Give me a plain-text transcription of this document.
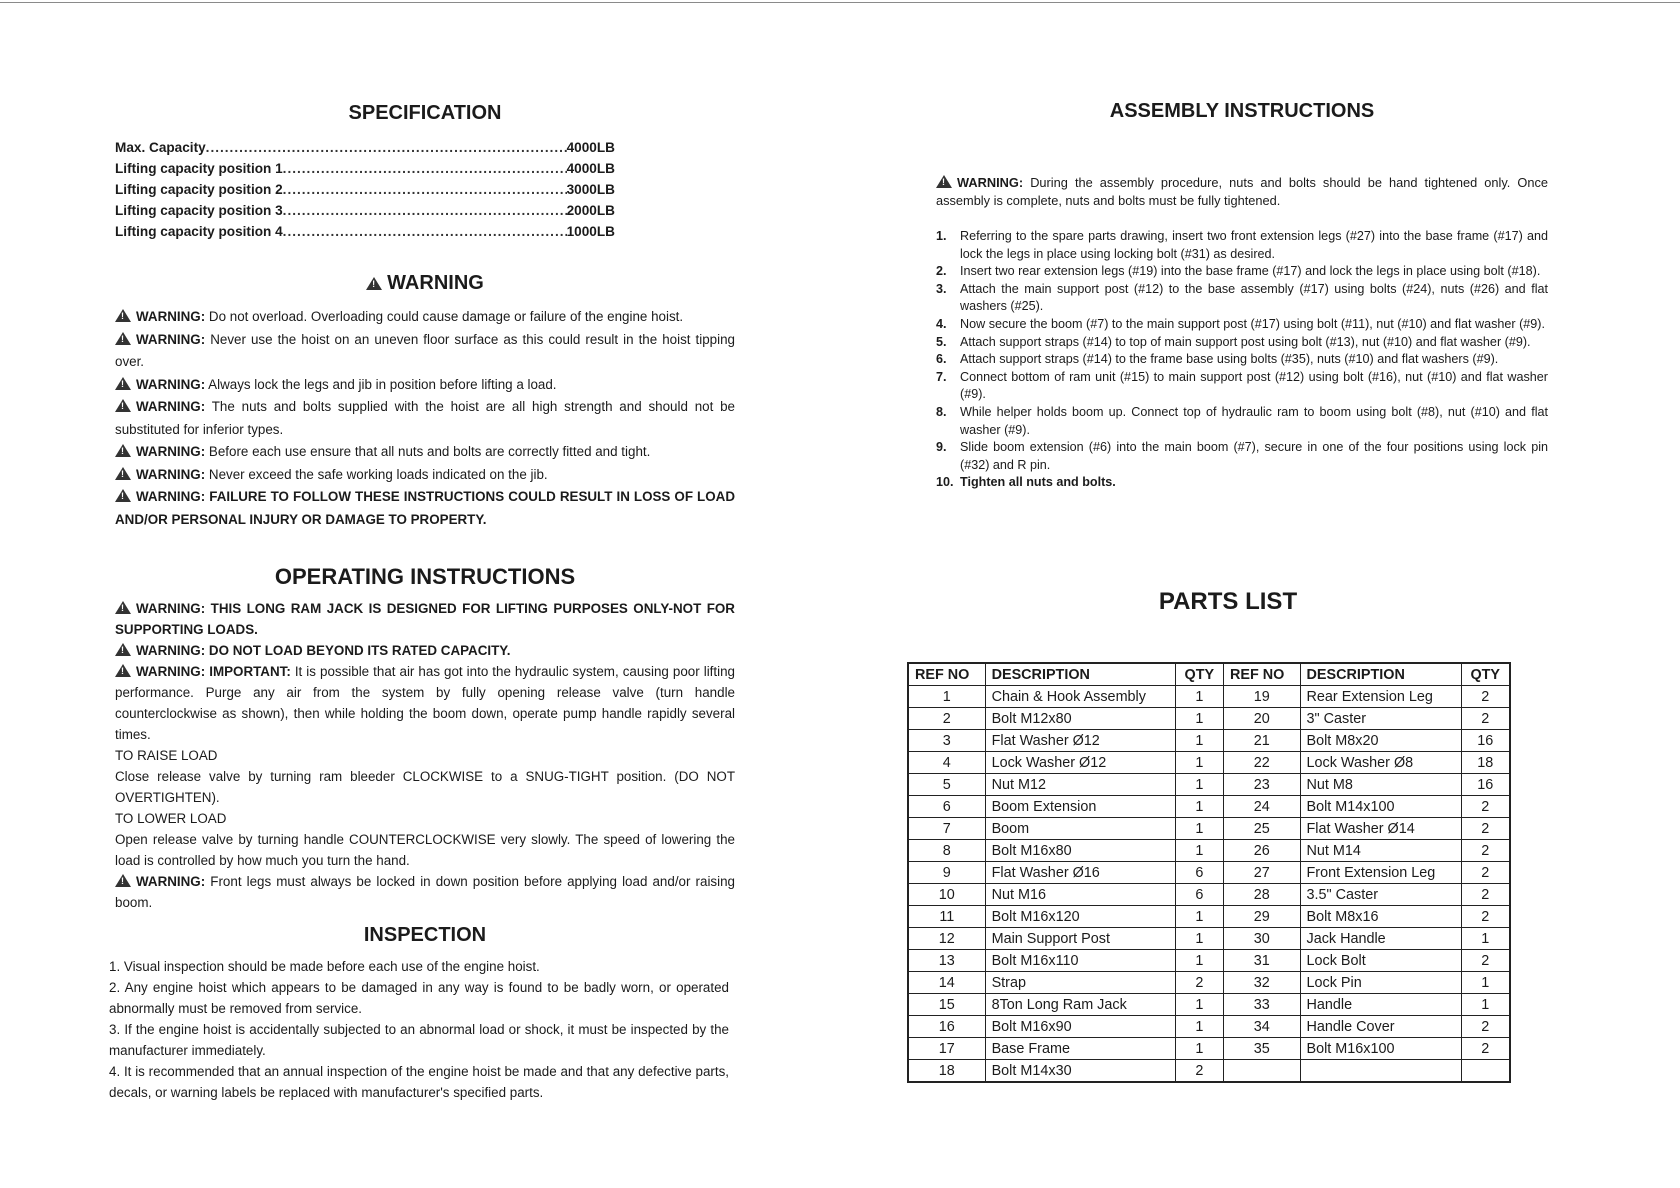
SPECIFICATION
Max. Capacity .....	4000LB
Lifting capacity position 1 .....	4000LB
Lifting capacity position 2 .....	3000LB
Lifting capacity position 3 .....	2000LB
Lifting capacity position 4 .....	1000LB
!WARNING

!WARNING: Do not overload. Overloading could cause damage or failure of the engine hoist.

!WARNING: Never use the hoist on an uneven floor surface as this could result in the hoist tipping over.

!WARNING: Always lock the legs and jib in position before lifting a load.

!WARNING: The nuts and bolts supplied with the hoist are all high strength and should not be substituted for inferior types.

!WARNING: Before each use ensure that all nuts and bolts are correctly fitted and tight.

!WARNING: Never exceed the safe working loads indicated on the jib.

!WARNING: FAILURE TO FOLLOW THESE INSTRUCTIONS COULD RESULT IN LOSS OF LOAD AND/OR PERSONAL INJURY OR DAMAGE TO PROPERTY.

OPERATING INSTRUCTIONS

!WARNING: THIS LONG RAM JACK IS DESIGNED FOR LIFTING PURPOSES ONLY-NOT FOR SUPPORTING LOADS.

!WARNING: DO NOT LOAD BEYOND ITS RATED CAPACITY.

!WARNING: IMPORTANT: It is possible that air has got into the hydraulic system, causing poor lifting performance. Purge any air from the system by fully opening release valve (turn handle counterclockwise as shown), then while holding the boom down, operate pump handle rapidly several times.

TO RAISE LOAD

Close release valve by turning ram bleeder CLOCKWISE to a SNUG-TIGHT position. (DO NOT OVERTIGHTEN).

TO LOWER LOAD

Open release valve by turning handle COUNTERCLOCKWISE very slowly. The speed of lowering the load is controlled by how much you turn the hand.

!WARNING: Front legs must always be locked in down position before applying load and/or raising boom.

INSPECTION

1. Visual inspection should be made before each use of the engine hoist.

2. Any engine hoist which appears to be damaged in any way is found to be badly worn, or operated abnormally must be removed from service.

3. If the engine hoist is accidentally subjected to an abnormal load or shock, it must be inspected by the manufacturer immediately.

4. It is recommended that an annual inspection of the engine hoist be made and that any defective parts, decals, or warning labels be replaced with manufacturer's specified parts.

ASSEMBLY INSTRUCTIONS
!WARNING: During the assembly procedure, nuts and bolts should be hand tightened only. Once assembly is complete, nuts and bolts must be fully tightened.
1.	Referring to the spare parts drawing, insert two front extension legs (#27) into the base frame (#17) and lock the legs in place using locking bolt (#31) as desired.
2.	Insert two rear extension legs (#19) into the base frame (#17) and lock the legs in place using bolt (#18).
3.	Attach the main support post (#12) to the base assembly (#17) using bolts (#24), nuts (#26) and flat washers (#25).
4.	Now secure the boom (#7) to the main support post (#17) using bolt (#11), nut (#10) and flat washer (#9).
5.	Attach support straps (#14) to top of main support post using bolt (#13), nut (#10) and flat washer (#9).
6.	Attach support straps (#14) to the frame base using bolts (#35), nuts (#10) and flat washers (#9).
7.	Connect bottom of ram unit (#15) to main support post (#12) using bolt (#16), nut (#10) and flat washer (#9).
8.	While helper holds boom up. Connect top of hydraulic ram to boom using bolt (#8), nut (#10) and flat washer (#9).
9.	Slide boom extension (#6) into the main boom (#7), secure in one of the four positions using lock pin (#32) and R pin.
10. Tighten all nuts and bolts.
PARTS LIST
REF NO	DESCRIPTION	QTY	REF NO	DESCRIPTION	QTY
1	Chain & Hook Assembly	1	19	Rear Extension Leg	2
2	Bolt M12x80	1	20	3" Caster	2
3	Flat Washer Ø12	1	21	Bolt M8x20	16
4	Lock Washer Ø12	1	22	Lock Washer Ø8	18
5	Nut M12	1	23	Nut M8	16
6	Boom Extension	1	24	Bolt M14x100	2
7	Boom	1	25	Flat Washer Ø14	2
8	Bolt M16x80	1	26	Nut M14	2
9	Flat Washer Ø16	6	27	Front Extension Leg	2
10	Nut M16	6	28	3.5" Caster	2
11	Bolt M16x120	1	29	Bolt M8x16	2
12	Main Support Post	1	30	Jack Handle	1
13	Bolt M16x110	1	31	Lock Bolt	2
14	Strap	2	32	Lock Pin	1
15	8Ton Long Ram Jack	1	33	Handle	1
16	Bolt M16x90	1	34	Handle Cover	2
17	Base Frame	1	35	Bolt M16x100	2
18	Bolt M14x30	2			
